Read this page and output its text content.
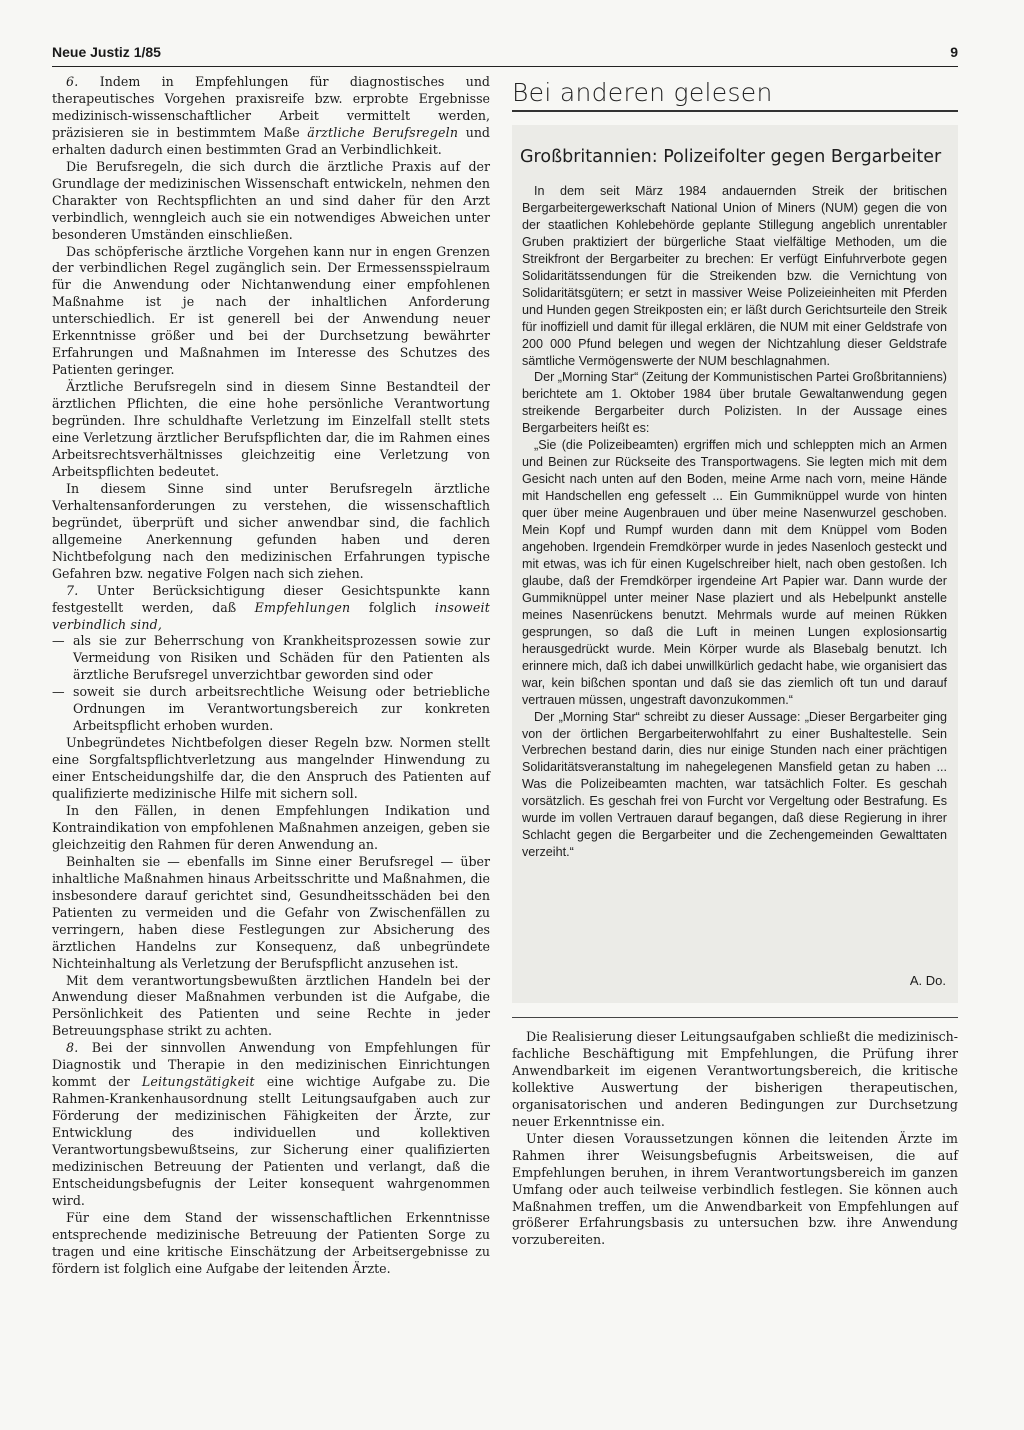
Neue Justiz 1/85	9

6. Indem in Empfehlungen für diagnostisches und therapeutisches Vorgehen praxisreife bzw. erprobte Ergebnisse medizinisch-wissenschaftlicher Arbeit vermittelt werden, präzisieren sie in bestimmtem Maße ärztliche Berufsregeln und erhalten dadurch einen bestimmten Grad an Verbindlichkeit.

Die Berufsregeln, die sich durch die ärztliche Praxis auf der Grundlage der medizinischen Wissenschaft entwickeln, nehmen den Charakter von Rechtspflichten an und sind daher für den Arzt verbindlich, wenngleich auch sie ein notwendiges Abweichen unter besonderen Umständen einschließen.

Das schöpferische ärztliche Vorgehen kann nur in engen Grenzen der verbindlichen Regel zugänglich sein. Der Ermessensspielraum für die Anwendung oder Nichtanwendung einer empfohlenen Maßnahme ist je nach der inhaltlichen Anforderung unterschiedlich. Er ist generell bei der Anwendung neuer Erkenntnisse größer und bei der Durchsetzung bewährter Erfahrungen und Maßnahmen im Interesse des Schutzes des Patienten geringer.

Ärztliche Berufsregeln sind in diesem Sinne Bestandteil der ärztlichen Pflichten, die eine hohe persönliche Verantwortung begründen. Ihre schuldhafte Verletzung im Einzelfall stellt stets eine Verletzung ärztlicher Berufspflichten dar, die im Rahmen eines Arbeitsrechtsverhältnisses gleichzeitig eine Verletzung von Arbeitspflichten bedeutet.

In diesem Sinne sind unter Berufsregeln ärztliche Verhaltensanforderungen zu verstehen, die wissenschaftlich begründet, überprüft und sicher anwendbar sind, die fachlich allgemeine Anerkennung gefunden haben und deren Nichtbefolgung nach den medizinischen Erfahrungen typische Gefahren bzw. negative Folgen nach sich ziehen.

7. Unter Berücksichtigung dieser Gesichtspunkte kann festgestellt werden, daß Empfehlungen folglich insoweit verbindlich sind,

— als sie zur Beherrschung von Krankheitsprozessen sowie zur Vermeidung von Risiken und Schäden für den Patienten als ärztliche Berufsregel unverzichtbar geworden sind oder
— soweit sie durch arbeitsrechtliche Weisung oder betriebliche Ordnungen im Verantwortungsbereich zur konkreten Arbeitspflicht erhoben wurden.

Unbegründetes Nichtbefolgen dieser Regeln bzw. Normen stellt eine Sorgfaltspflichtverletzung aus mangelnder Hinwendung zu einer Entscheidungshilfe dar, die den Anspruch des Patienten auf qualifizierte medizinische Hilfe mit sichern soll.

In den Fällen, in denen Empfehlungen Indikation und Kontraindikation von empfohlenen Maßnahmen anzeigen, geben sie gleichzeitig den Rahmen für deren Anwendung an.

Beinhalten sie — ebenfalls im Sinne einer Berufsregel — über inhaltliche Maßnahmen hinaus Arbeitsschritte und Maßnahmen, die insbesondere darauf gerichtet sind, Gesundheitsschäden bei den Patienten zu vermeiden und die Gefahr von Zwischenfällen zu verringern, haben diese Festlegungen zur Absicherung des ärztlichen Handelns zur Konsequenz, daß unbegründete Nichteinhaltung als Verletzung der Berufspflicht anzusehen ist.

Mit dem verantwortungsbewußten ärztlichen Handeln bei der Anwendung dieser Maßnahmen verbunden ist die Aufgabe, die Persönlichkeit des Patienten und seine Rechte in jeder Betreuungsphase strikt zu achten.

8. Bei der sinnvollen Anwendung von Empfehlungen für Diagnostik und Therapie in den medizinischen Einrichtungen kommt der Leitungstätigkeit eine wichtige Aufgabe zu. Die Rahmen-Krankenhausordnung stellt Leitungsaufgaben auch zur Förderung der medizinischen Fähigkeiten der Ärzte, zur Entwicklung des individuellen und kollektiven Verantwortungsbewußtseins, zur Sicherung einer qualifizierten medizinischen Betreuung der Patienten und verlangt, daß die Entscheidungsbefugnis der Leiter konsequent wahrgenommen wird.

Für eine dem Stand der wissenschaftlichen Erkenntnisse entsprechende medizinische Betreuung der Patienten Sorge zu tragen und eine kritische Einschätzung der Arbeitsergebnisse zu fördern ist folglich eine Aufgabe der leitenden Ärzte.

Bei anderen gelesen
Großbritannien: Polizeifolter gegen Bergarbeiter

In dem seit März 1984 andauernden Streik der britischen Bergarbeitergewerkschaft National Union of Miners (NUM) gegen die von der staatlichen Kohlebehörde geplante Stillegung angeblich unrentabler Gruben praktiziert der bürgerliche Staat vielfältige Methoden, um die Streikfront der Bergarbeiter zu brechen: Er verfügt Einfuhrverbote gegen Solidaritätssendungen für die Streikenden bzw. die Vernichtung von Solidaritätsgütern; er setzt in massiver Weise Polizeieinheiten mit Pferden und Hunden gegen Streikposten ein; er läßt durch Gerichtsurteile den Streik für inoffiziell und damit für illegal erklären, die NUM mit einer Geldstrafe von 200 000 Pfund belegen und wegen der Nichtzahlung dieser Geldstrafe sämtliche Vermögenswerte der NUM beschlagnahmen.

Der „Morning Star“ (Zeitung der Kommunistischen Partei Großbritanniens) berichtete am 1. Oktober 1984 über brutale Gewaltanwendung gegen streikende Bergarbeiter durch Polizisten. In der Aussage eines Bergarbeiters heißt es:

„Sie (die Polizeibeamten) ergriffen mich und schleppten mich an Armen und Beinen zur Rückseite des Transportwagens. Sie legten mich mit dem Gesicht nach unten auf den Boden, meine Arme nach vorn, meine Hände mit Handschellen eng gefesselt ... Ein Gummiknüppel wurde von hinten quer über meine Augenbrauen und über meine Nasenwurzel geschoben. Mein Kopf und Rumpf wurden dann mit dem Knüppel vom Boden angehoben. Irgendein Fremdkörper wurde in jedes Nasenloch gesteckt und mit etwas, was ich für einen Kugelschreiber hielt, nach oben gestoßen. Ich glaube, daß der Fremdkörper irgendeine Art Papier war. Dann wurde der Gummiknüppel unter meiner Nase plaziert und als Hebelpunkt anstelle meines Nasenrückens benutzt. Mehrmals wurde auf meinen Rükken gesprungen, so daß die Luft in meinen Lungen explosionsartig herausgedrückt wurde. Mein Körper wurde als Blasebalg benutzt. Ich erinnere mich, daß ich dabei unwillkürlich gedacht habe, wie organisiert das war, kein bißchen spontan und daß sie das ziemlich oft tun und darauf vertrauen müssen, ungestraft davonzukommen.“

Der „Morning Star“ schreibt zu dieser Aussage: „Dieser Bergarbeiter ging von der örtlichen Bergarbeiterwohlfahrt zu einer Bushaltestelle. Sein Verbrechen bestand darin, dies nur einige Stunden nach einer prächtigen Solidaritätsveranstaltung im nahegelegenen Mansfield getan zu haben ... Was die Polizeibeamten machten, war tatsächlich Folter. Es geschah vorsätzlich. Es geschah frei von Furcht vor Vergeltung oder Bestrafung. Es wurde im vollen Vertrauen darauf begangen, daß diese Regierung in ihrer Schlacht gegen die Bergarbeiter und die Zechengemeinden Gewalttaten verzeiht.“

A. Do.

Die Realisierung dieser Leitungsaufgaben schließt die medizinisch-fachliche Beschäftigung mit Empfehlungen, die Prüfung ihrer Anwendbarkeit im eigenen Verantwortungsbereich, die kritische kollektive Auswertung der bisherigen therapeutischen, organisatorischen und anderen Bedingungen zur Durchsetzung neuer Erkenntnisse ein.

Unter diesen Voraussetzungen können die leitenden Ärzte im Rahmen ihrer Weisungsbefugnis Arbeitsweisen, die auf Empfehlungen beruhen, in ihrem Verantwortungsbereich im ganzen Umfang oder auch teilweise verbindlich festlegen. Sie können auch Maßnahmen treffen, um die Anwendbarkeit von Empfehlungen auf größerer Erfahrungsbasis zu untersuchen bzw. ihre Anwendung vorzubereiten.
